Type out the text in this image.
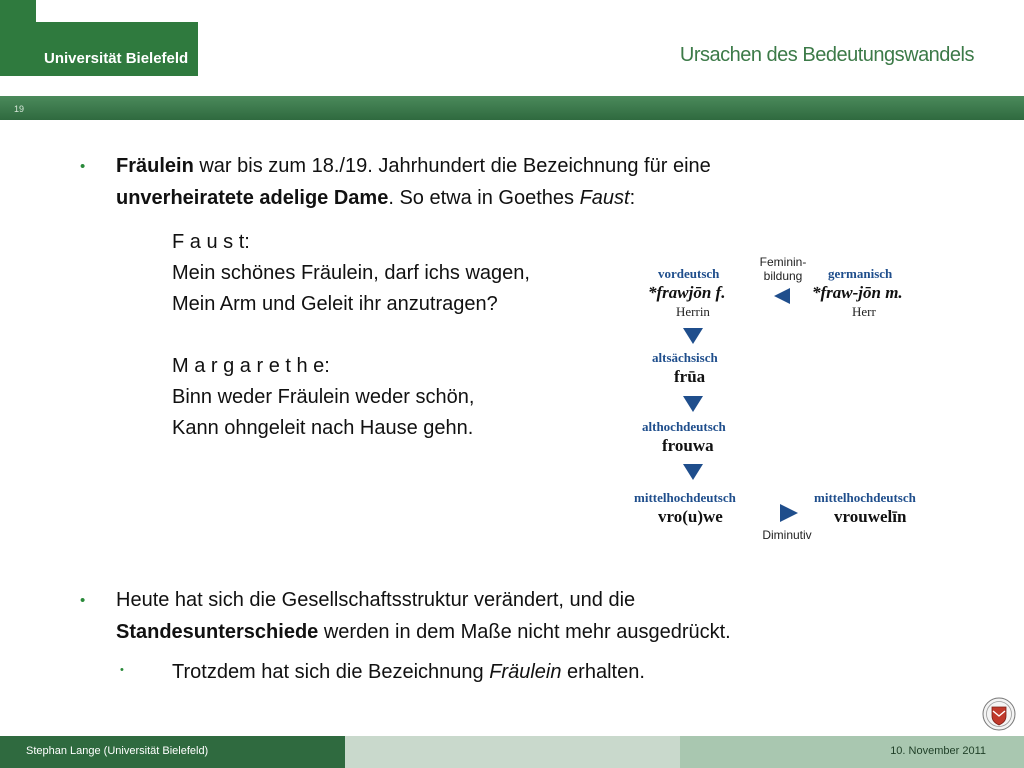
Universität Bielefeld	Ursachen des Bedeutungswandels
19
• Fräulein war bis zum 18./19. Jahrhundert die Bezeichnung für eine
unverheiratete adelige Dame. So etwa in Goethes Faust:
F a u s t:
Mein schönes Fräulein, darf ichs wagen,
Mein Arm und Geleit ihr anzutragen?
M a r g a r e t h e:
Binn weder Fräulein weder schön,
Kann ohngeleit nach Hause gehn.
vordeutsch
*frawjōn f.
Herrin
Feminin-
bildung	germanisch
*fraw-jōn m.
Herr
altsächsisch
frūa
althochdeutsch
frouwa
mittelhochdeutsch
vro(u)we
Diminutiv
mittelhochdeutsch
vrouwelīn
• Heute hat sich die Gesellschaftsstruktur verändert, und die
Standesunterschiede werden in dem Maße nicht mehr ausgedrückt.
• Trotzdem hat sich die Bezeichnung Fräulein erhalten.
Stephan Lange (Universität Bielefeld)	10. November 2011
